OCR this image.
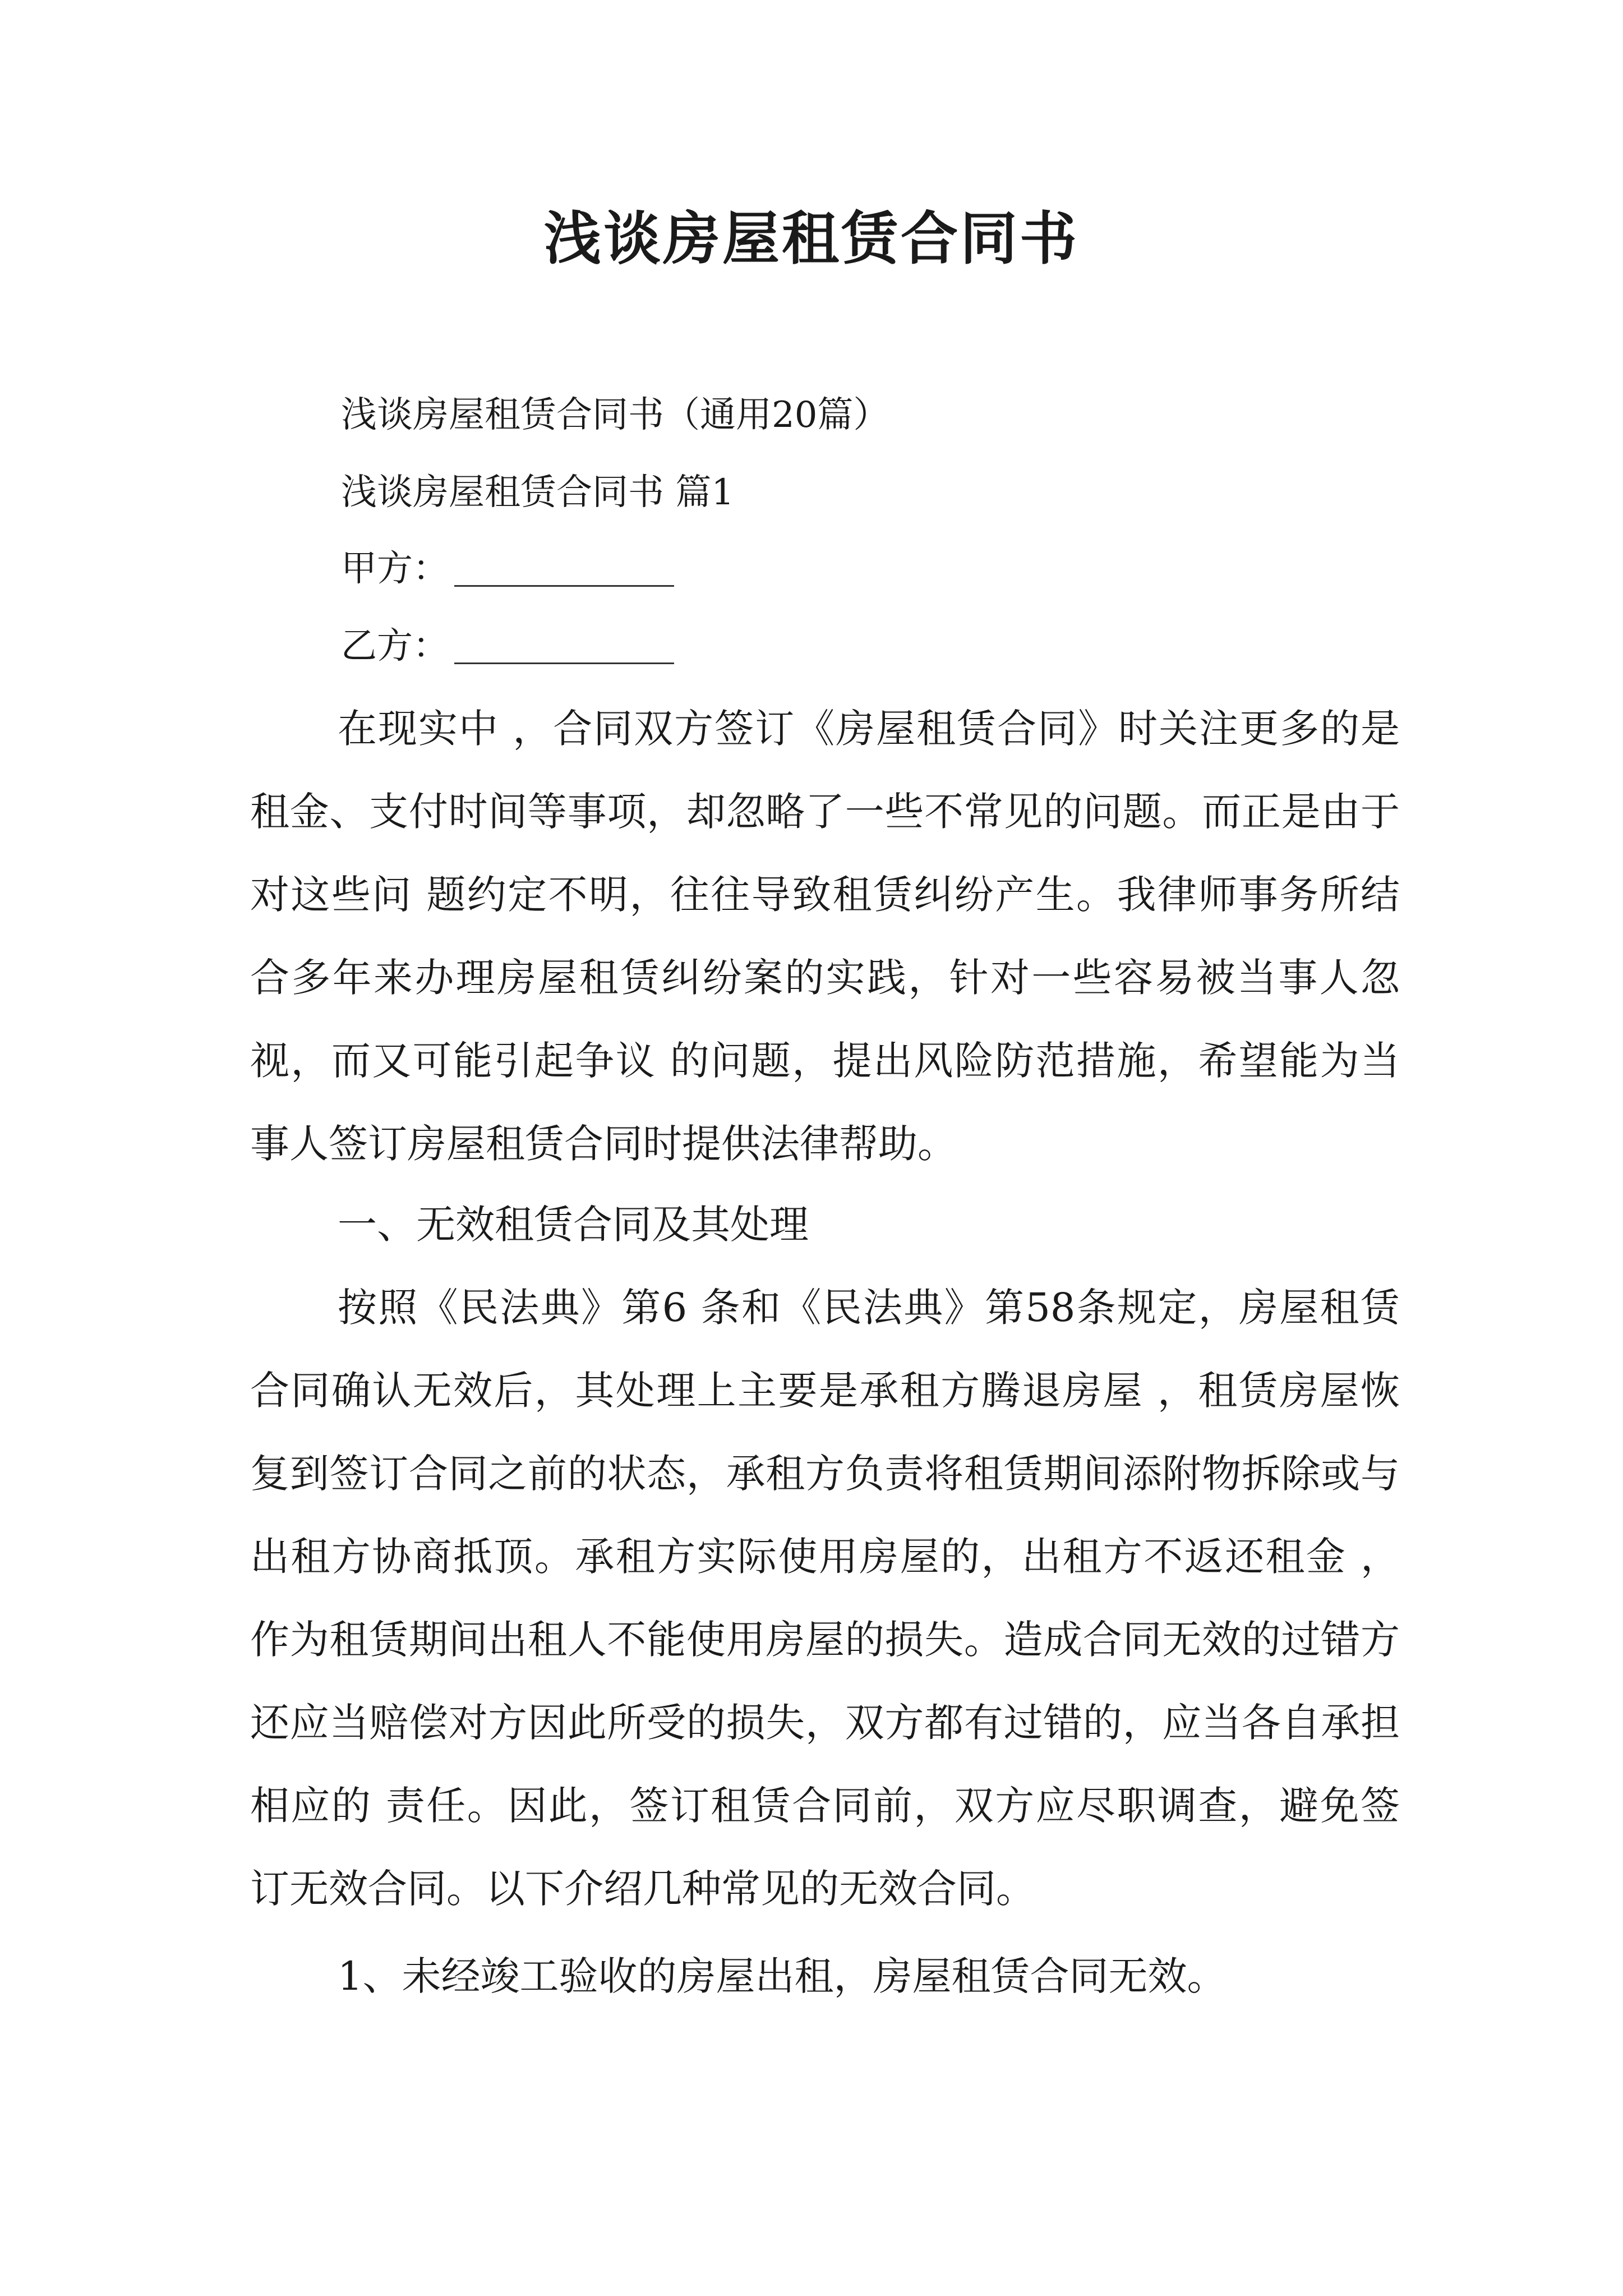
浅谈房屋租赁合同书

浅谈房屋租赁合同书（通用20篇）

浅谈房屋租赁合同书 篇1

甲方：

乙方：

在现实中 ，合同双方签订《房屋租赁合同》时关注更多的是租金、支付时间等事项，却忽略了一些不常见的问题。而正是由于对这些问 题约定不明，往往导致租赁纠纷产生。我律师事务所结合多年来办理房屋租赁纠纷案的实践，针对一些容易被当事人忽视，而又可能引起争议 的问题，提出风险防范措施，希望能为当事人签订房屋租赁合同时提供法律帮助。

一、无效租赁合同及其处理

按照《民法典》第6 条和《民法典》第58条规定，房屋租赁合同确认无效后，其处理上主要是承租方腾退房屋 ，租赁房屋恢复到签订合同之前的状态，承租方负责将租赁期间添附物拆除或与出租方协商抵顶。承租方实际使用房屋的，出租方不返还租金 ，作为租赁期间出租人不能使用房屋的损失。造成合同无效的过错方还应当赔偿对方因此所受的损失，双方都有过错的，应当各自承担相应的 责任。因此，签订租赁合同前，双方应尽职调查，避免签订无效合同。以下介绍几种常见的无效合同。

1、未经竣工验收的房屋出租，房屋租赁合同无效。
